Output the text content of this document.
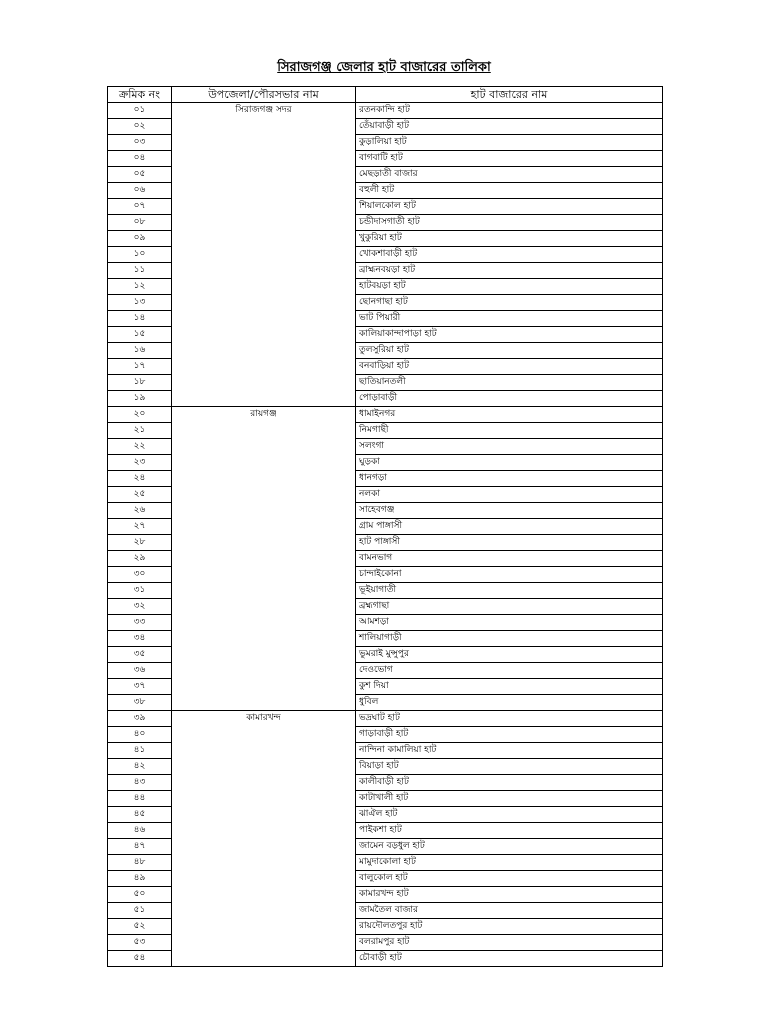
সিরাজগঞ্জ জেলার হাট বাজারের তালিকা
ক্রমিক নং	উপজেলা/পৌরসভার নাম	হাট বাজারের নাম
০১	সিরাজগঞ্জ সদর	রতনকান্দি হাট
০২		তেঁয়াবাড়ী হাট
০৩		কুড়ালিয়া হাট
০৪		বাগবাটি হাট
০৫		মেছড়াতী বাজার
০৬		বহুলী হাট
০৭		শিয়ালকোল হাট
০৮		চন্ডীদাসগাতী হাট
০৯		খুকুরিয়া হাট
১০		খোকশাবাড়ী হাট
১১		ব্রাহ্মনবয়ড়া হাট
১২		হাটবয়ড়া হাট
১৩		ছোনগাছা হাট
১৪		ভাট পিয়ারী
১৫		কালিয়াকান্দাপাড়া হাট
১৬		তুলসুরিয়া হাট
১৭		বনবাড়িয়া হাট
১৮		ছাতিয়ানতলী
১৯		পোড়াবাড়ী
২০	রায়গঞ্জ	ধামাইনগর
২১		নিমগাছী
২২		সলংগা
২৩		ঘুড়কা
২৪		ধানগড়া
২৫		নলকা
২৬		সাহেবগঞ্জ
২৭		গ্রাম পাঙ্গাসী
২৮		হাট পাঙ্গাসী
২৯		বামনভাগ
৩০		চান্দাইকোনা
৩১		ভূইয়াগাতী
৩২		ব্রহ্মগাছা
৩৩		আমশড়া
৩৪		শালিয়াগাড়ী
৩৫		ভুমরাই মুন্সুপুর
৩৬		দেওভোগ
৩৭		কুশ দিয়া
৩৮		ধুবিল
৩৯	কামারখন্দ	ভদ্রঘাট হাট
৪০		গাড়াবাড়ী হাট
৪১		নান্দিনা কামালিয়া হাট
৪২		বিয়াড়া হাট
৪৩		কালীবাড়ী হাট
৪৪		কাটাখালী হাট
৪৫		ঝাঐল হাট
৪৬		পাইকশা হাট
৪৭		জামেন বড়ধুল হাট
৪৮		মামুদাকোলা হাট
৪৯		বালুকোল হাট
৫০		কামারখন্দ হাট
৫১		জামতৈল বাজার
৫২		রায়দৌলতপুর হাট
৫৩		বলরামপুর হাট
৫৪		চৌবাড়ী হাট
